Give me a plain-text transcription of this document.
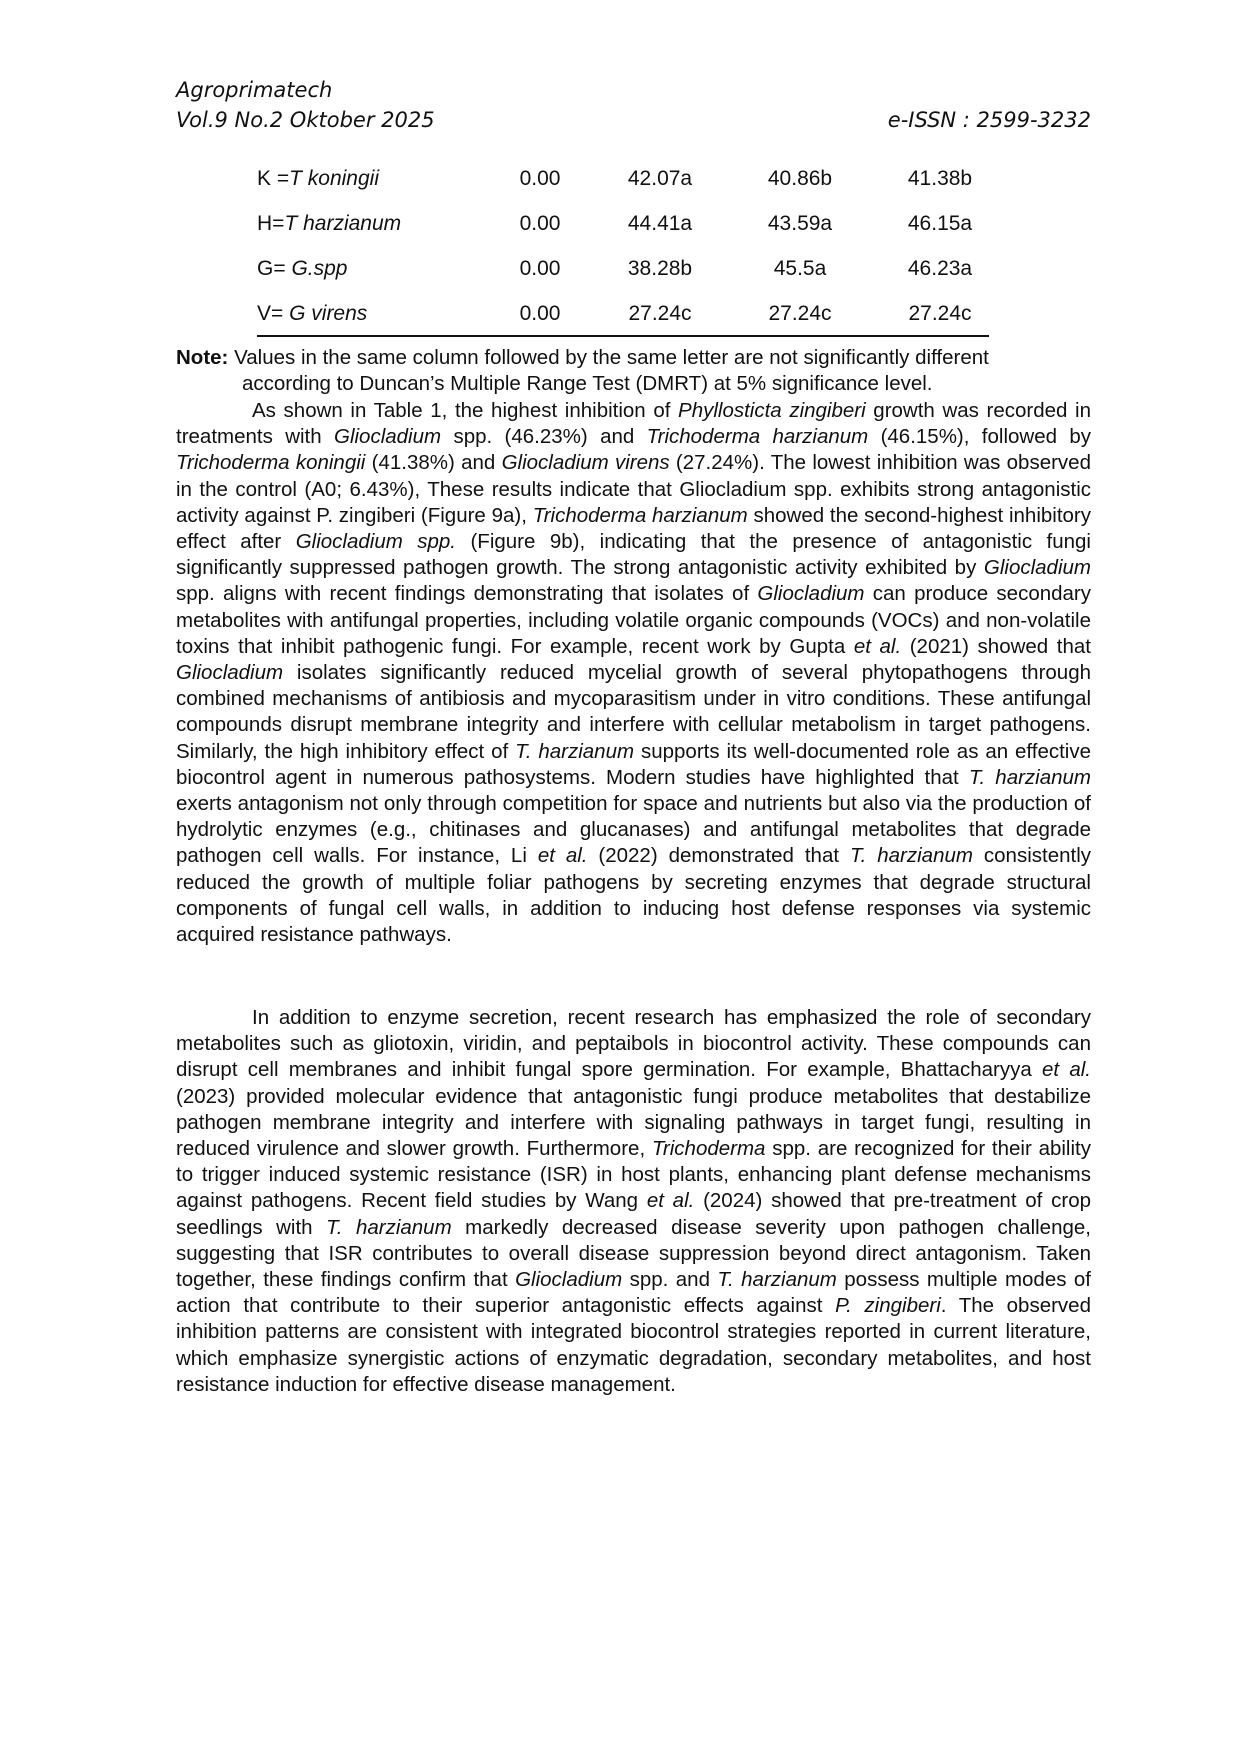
Agroprimatech
Vol.9 No.2 Oktober 2025	e-ISSN : 2599-3232
K =T koningii	0.00	42.07a	40.86b	41.38b
H=T harzianum	0.00	44.41a	43.59a	46.15a
G= G.spp	0.00	38.28b	45.5a	46.23a
V= G virens	0.00	27.24c	27.24c	27.24c

Note: Values in the same column followed by the same letter are not significantly different

according to Duncan’s Multiple Range Test (DMRT) at 5% significance level.

As shown in Table 1, the highest inhibition of Phyllosticta zingiberi growth was recorded in treatments with Gliocladium spp. (46.23%) and Trichoderma harzianum (46.15%), followed by Trichoderma koningii (41.38%) and Gliocladium virens (27.24%). The lowest inhibition was observed in the control (A0; 6.43%), These results indicate that Gliocladium spp. exhibits strong antagonistic activity against P. zingiberi (Figure 9a), Trichoderma harzianum showed the second-highest inhibitory effect after Gliocladium spp. (Figure 9b), indicating that the presence of antagonistic fungi significantly suppressed pathogen growth. The strong antagonistic activity exhibited by Gliocladium spp. aligns with recent findings demonstrating that isolates of Gliocladium can produce secondary metabolites with antifungal properties, including volatile organic compounds (VOCs) and non-volatile toxins that inhibit pathogenic fungi. For example, recent work by Gupta et al. (2021) showed that Gliocladium isolates significantly reduced mycelial growth of several phytopathogens through combined mechanisms of antibiosis and mycoparasitism under in vitro conditions. These antifungal compounds disrupt membrane integrity and interfere with cellular metabolism in target pathogens. Similarly, the high inhibitory effect of T. harzianum supports its well-documented role as an effective biocontrol agent in numerous pathosystems. Modern studies have highlighted that T. harzianum exerts antagonism not only through competition for space and nutrients but also via the production of hydrolytic enzymes (e.g., chitinases and glucanases) and antifungal metabolites that degrade pathogen cell walls. For instance, Li et al. (2022) demonstrated that T. harzianum consistently reduced the growth of multiple foliar pathogens by secreting enzymes that degrade structural components of fungal cell walls, in addition to inducing host defense responses via systemic acquired resistance pathways.

In addition to enzyme secretion, recent research has emphasized the role of secondary metabolites such as gliotoxin, viridin, and peptaibols in biocontrol activity. These compounds can disrupt cell membranes and inhibit fungal spore germination. For example, Bhattacharyya et al. (2023) provided molecular evidence that antagonistic fungi produce metabolites that destabilize pathogen membrane integrity and interfere with signaling pathways in target fungi, resulting in reduced virulence and slower growth. Furthermore, Trichoderma spp. are recognized for their ability to trigger induced systemic resistance (ISR) in host plants, enhancing plant defense mechanisms against pathogens. Recent field studies by Wang et al. (2024) showed that pre-treatment of crop seedlings with T. harzianum markedly decreased disease severity upon pathogen challenge, suggesting that ISR contributes to overall disease suppression beyond direct antagonism. Taken together, these findings confirm that Gliocladium spp. and T. harzianum possess multiple modes of action that contribute to their superior antagonistic effects against P. zingiberi. The observed inhibition patterns are consistent with integrated biocontrol strategies reported in current literature, which emphasize synergistic actions of enzymatic degradation, secondary metabolites, and host resistance induction for effective disease management.
